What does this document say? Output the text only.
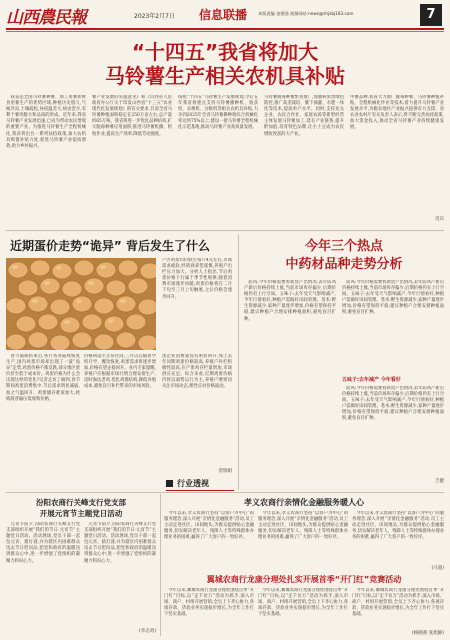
山西農民報	2023年2月7日	信息联播	本版责编 金建强 视频网站:news@shjsbj163.com	7
“十四五”我省将加大
马铃薯生产相关农机具补贴
　我省是全国马铃薯种薯、加工用薯和鲜食用薯生产的优势区域,种植历史悠久,气候冷凉,土壤疏松,昼夜温差大,病虫害少,有利于薯块膨大和品质的形成。近年来,我省马铃薯产业发展迅速,已成为带动农民增收的重要产业。为推进马铃薯生产全程机械化,我省将出台一系列扶持政策,加大农机具购置补贴力度,促进马铃薯产业提质增效,助力乡村振兴。
薯产业发展的实施意见》和《山西省人民政府办公厅关于印发山西省“十三五”农业现代化发展规划》的有关要求,目前全省马铃薯种植面积稳定在250万亩左右,总产量约65万吨。我省将进一步优化品种结构,扩大脱毒种薯应用面积,推进马铃薯机播、机收作业,提高生产效率,降低劳动强度。
按照“十四五”马铃薯生产发展规划,今后五年我省将重点支持马铃薯播种机、收获机、杀秧机、分级机等相关农机具补贴,力争到2025年全省马铃薯耕种收综合机械化率达到75%以上,建设一批马铃薯全程机械化示范基地,推动马铃薯产业高质量发展。
马铃薯脱毒种薯繁育推广,加强病虫害绿色防控,推广高垄栽培、膜下滴灌、水肥一体化等技术,提高单产水平。同时,支持龙头企业、农民合作社、家庭农场等新型经营主体发展马铃薯加工,延长产业链条,提升附加值,培育特色品牌,让小土豆成为农民增收致富的大产业。
中薯品种,我省大力推广脱毒种薯、马铃薯种植补贴、全程机械化作业等技术,着力提升马铃薯产业发展水平,为脱贫地区产业振兴提供有力支撑。省农业农村厅有关负责人表示,将不断完善扶持政策,加大资金投入,推动全省马铃薯产业持续健康发展。
肖宾
近期蛋价走势“诡异” 背后发生了什么
　春节假期结束后,各行各业陆续恢复生产,国内鸡蛋市场却出现了一波“诡异”走势,鸡蛋价格不涨反跌,部分地区蛋价甚至低于成本价。鸡蛋价格为什么会出现这样的变化?记者走访了解到,春节期间鸡蛋消费集中,节后需求明显减弱,加之气温回升、鸡蛋储存难度加大,经销商普遍压低收购价格。
价格回落至正常区间,三月以后随着学校开学、餐饮恢复,鸡蛋需求将逐步增加,价格有望企稳回升。业内专家提醒,养殖户应根据市场行情合理安排生产,适时淘汰老鸡,优化鸡群结构,降低养殖成本,避免盲目补栏带来的市场风险。
产区鸡蛋均价跌至每斤4元左右,市场需求疲软,经销商拿货谨慎,养殖户出栏压力加大。分析人士指出,节后鸡蛋价格下行属于季节性规律,随着消费市场逐步回暖,鸡蛋价格将在二月下旬至三月上旬触底,之后价格会逐步回升。
蛋企业消费量没有明显回升,加上去年同期鸡蛋价格较高,养殖户补栏积极性较高,在产蛋鸡存栏量增加,市场供应充足。综合来看,近期鸡蛋价格仍将以弱势运行为主,养殖户要密切关注市场动态,理性应对价格波动。
贺瑞娟
行业透视
今年三个热点
中药材品种走势分析
　防风:今年价格需要看新货产出情况,去年防风产新后价格持续上涨,当前市场库存偏少,后期价格仍有上行空间。五味子:去年受天气影响减产,今年行情看好,种植户需做好田间管理。苍术:野生资源减少,家种产量逐步增加,价格有望保持平稳,建议种植户合理安排种植面积,避免盲目扩种。
五味子:去年减产 今年看好
　防风:今年价格需要看新货产出情况,去年防风产新后价格持续上涨,当前市场库存偏少,后期价格仍有上行空间。五味子:去年受天气影响减产,今年行情看好,种植户需做好田间管理。苍术:野生资源减少,家种产量逐步增加,价格有望保持平稳,建议种植户合理安排种植面积,避免盲目扩种。
　防风:今年价格需要看新货产出情况,去年防风产新后价格持续上涨,当前市场库存偏少,后期价格仍有上行空间。五味子:去年受天气影响减产,今年行情看好,种植户需做好田间管理。苍术:野生资源减少,家种产量逐步增加,价格有望保持平稳,建议种植户合理安排种植面积,避免盲目扩种。
吉健
汾阳农商行关峰支行党支部
开展元宵节主题党日活动
　元宵节前夕,汾阳农商行关峰支行党支部组织开展“我们的节日·元宵节”主题党日活动。活动现场,党员干部一起包元宵、猜灯谜,并为辖区内困难群众送去节日慰问品,把党和政府的温暖送到群众心中,进一步增强了党组织的凝聚力和向心力。
　元宵节前夕,汾阳农商行关峰支行党支部组织开展“我们的节日·元宵节”主题党日活动。活动现场,党员干部一起包元宵、猜灯谜,并为辖区内困难群众送去节日慰问品,把党和政府的温暖送到群众心中,进一步增强了党组织的凝聚力和向心力。
(李志勇)
孝义农商行亲情化金融服务暖人心
　今年以来,孝义农商行坚持“以客户为中心”的服务理念,深入开展“亲情化金融服务”活动,员工主动走进社区、田间地头,为群众提供贴心金融服务,切实解决老年人、残障人士等特殊群体办理业务的困难,赢得了广大客户的一致好评。
　今年以来,孝义农商行坚持“以客户为中心”的服务理念,深入开展“亲情化金融服务”活动,员工主动走进社区、田间地头,为群众提供贴心金融服务,切实解决老年人、残障人士等特殊群体办理业务的困难,赢得了广大客户的一致好评。
　今年以来,孝义农商行坚持“以客户为中心”的服务理念,深入开展“亲情化金融服务”活动,员工主动走进社区、田间地头,为群众提供贴心金融服务,切实解决老年人、残障人士等特殊群体办理业务的困难,赢得了广大客户的一致好评。
(马超)
翼城农商行龙康分理处扎实开展首季“开门红”竞赛活动
　今年以来,翼城农商行龙康分理处围绕首季“开门红”目标,以“走千访万”活动为抓手,深入市场、商户、村组开展营销,全员上下齐心协力,各项存款、贷款业务实现稳步增长,为全年工作打下坚实基础。
　今年以来,翼城农商行龙康分理处围绕首季“开门红”目标,以“走千访万”活动为抓手,深入市场、商户、村组开展营销,全员上下齐心协力,各项存款、贷款业务实现稳步增长,为全年工作打下坚实基础。
　今年以来,翼城农商行龙康分理处围绕首季“开门红”目标,以“走千访万”活动为抓手,深入市场、商户、村组开展营销,全员上下齐心协力,各项存款、贷款业务实现稳步增长,为全年工作打下坚实基础。
(杨晓燕 张旭静)
